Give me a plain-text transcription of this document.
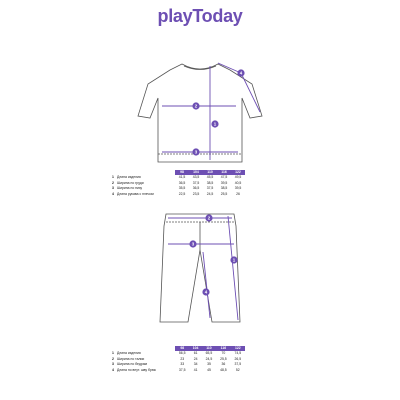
playToday
4
2
1
3
2
3
1
4
		98	104	110	116	122
1	Длина изделия	41,5	43,5	45,5	47,5	49,5
2	Ширина по груди	36,5	37,5	38,5	39,5	40,5
3	Ширина по низу	35,5	36,5	37,5	38,5	39,5
4	Длина рукава с плечом	22,5	23,5	24,5	25,5	26
		98	104	110	116	122
1	Длина изделия	56,5	61	65,5	70	74,5
2	Ширина по талии	23	24	24,5	25,5	26,5
3	Ширина по бедрам	33	34	35	36	37,5
4	Длина по внут. шву брюк	37,5	41	45	48,5	52
